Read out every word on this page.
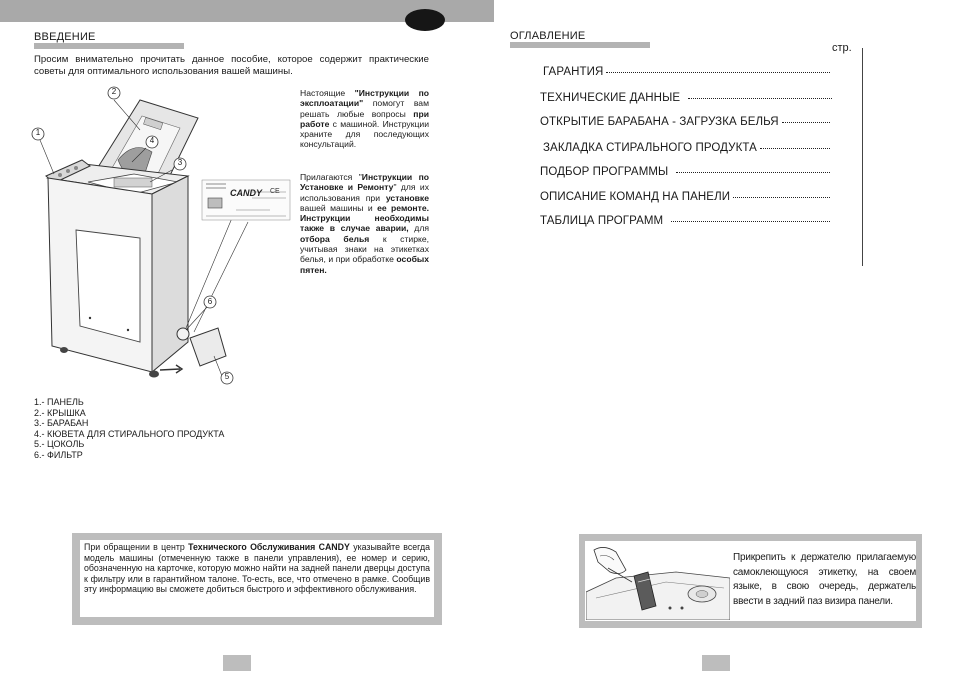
ВВЕДЕНИЕ
Просим внимательно прочитать данное пособие, которое содержит практические советы для оптимального использования вашей машины.
CANDY CE
1
2
3
4
5
6
Настоящие "Инструкции по эксплоатации" помогут вам решать любые вопросы при работе с машиной. Инструкции хранитe для последующих консультаций.
Прилагаются "Инструкции по Установке и Ремонту" для их использования при установке вашей машины и ее ремонте. Инструкции необходимы также в случае аварии, для отбора белья к стирке, учитывая знаки на этикетках белья, и при обработке особых пятен.
1.- ПАНЕЛЬ
2.- КРЫШКА
3.- БАРАБАН
4.- КЮВЕТА ДЛЯ СТИРАЛЬНОГО ПРОДУКТА
5.- ЦОКОЛЬ
6.- ФИЛЬТР
При обращении в центр Технического Обслуживания CANDY указывайте всегда модель машины (отмеченную также в панели управления), ее номер и серию, обозначенную на карточке, которую можно найти на задней панели дверцы доступа к фильтру или в гарантийном талоне. То-есть, все, что отмечено в рамке. Сообщив эту информацию вы сможете добиться быстрого и эффективного обслуживания.
ОГЛАВЛЕНИЕ
стр.
ГАРАНТИЯ
ТЕХНИЧЕСКИЕ ДАННЫЕ
ОТКРЫТИЕ БАРАБАНА - ЗАГРУЗКА БЕЛЬЯ
ЗАКЛАДКА СТИРАЛЬНОГО ПРОДУКТА
ПОДБОР ПРОГРАММЫ
ОПИСАНИЕ КОМАНД НА ПАНЕЛИ
ТАБЛИЦА ПРОГРАММ
Прикрепить к держателю прилагаемую самоклеющуюся этикетку, на своем языке, в свою очередь, держатель ввести в задний паз визира панели.
